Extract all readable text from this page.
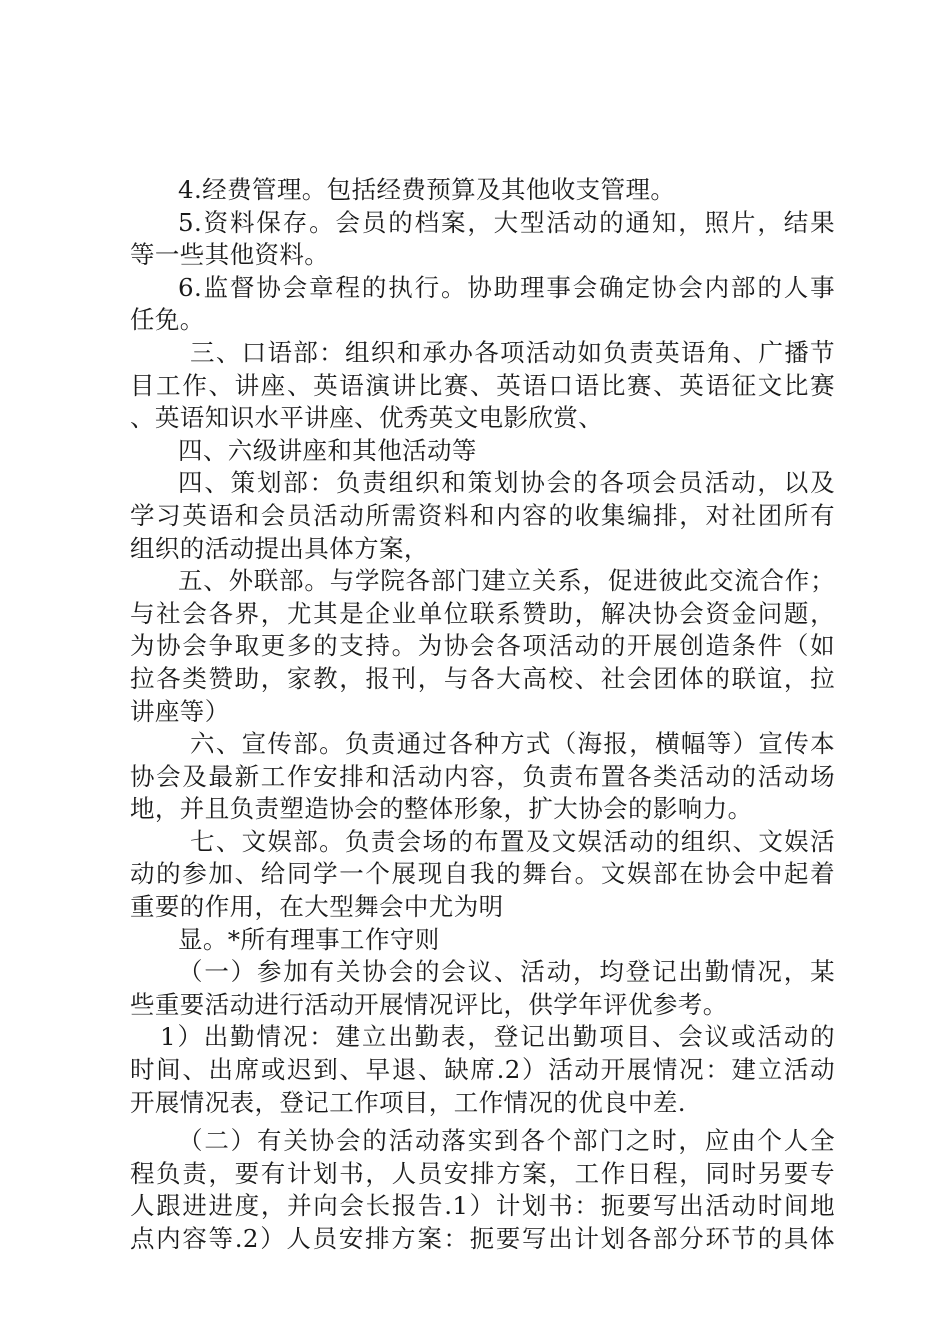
4.经费管理。包括经费预算及其他收支管理。
5.资料保存。会员的档案，大型活动的通知，照片，结果
等一些其他资料。
6.监督协会章程的执行。协助理事会确定协会内部的人事
任免。
三、口语部：组织和承办各项活动如负责英语角、广播节
目工作、讲座、英语演讲比赛、英语口语比赛、英语征文比赛
、英语知识水平讲座、优秀英文电影欣赏、
四、六级讲座和其他活动等
四、策划部：负责组织和策划协会的各项会员活动，以及
学习英语和会员活动所需资料和内容的收集编排，对社团所有
组织的活动提出具体方案，
五、外联部。与学院各部门建立关系，促进彼此交流合作；
与社会各界，尤其是企业单位联系赞助，解决协会资金问题，
为协会争取更多的支持。为协会各项活动的开展创造条件（如
拉各类赞助，家教，报刊，与各大高校、社会团体的联谊，拉
讲座等）
六、宣传部。负责通过各种方式（海报，横幅等）宣传本
协会及最新工作安排和活动内容，负责布置各类活动的活动场
地，并且负责塑造协会的整体形象，扩大协会的影响力。
七、文娱部。负责会场的布置及文娱活动的组织、文娱活
动的参加、给同学一个展现自我的舞台。文娱部在协会中起着
重要的作用，在大型舞会中尤为明
显。*所有理事工作守则
（一）参加有关协会的会议、活动，均登记出勤情况，某
些重要活动进行活动开展情况评比，供学年评优参考。
1）出勤情况：建立出勤表，登记出勤项目、会议或活动的
时间、出席或迟到、早退、缺席.2）活动开展情况：建立活动
开展情况表，登记工作项目，工作情况的优良中差.
（二）有关协会的活动落实到各个部门之时，应由个人全
程负责，要有计划书，人员安排方案，工作日程，同时另要专
人跟进进度，并向会长报告.1）计划书：扼要写出活动时间地
点内容等.2）人员安排方案：扼要写出计划各部分环节的具体
